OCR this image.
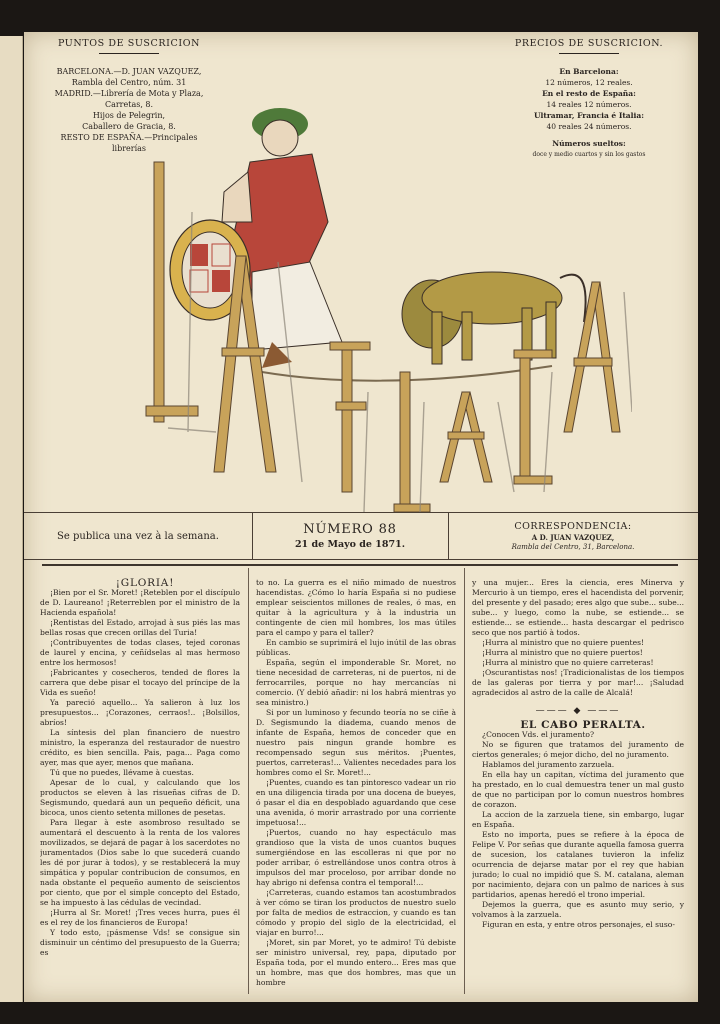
PUNTOS DE SUSCRICION
BARCELONA.—D. JUAN VAZQUEZ,
Rambla del Centro, núm. 31
MADRID.—Librería de Mota y Plaza,
Carretas, 8.
Hijos de Pelegrin,
Caballero de Gracia, 8.
RESTO DE ESPAÑA.—Principales
librerías
PRECIOS DE SUSCRICION.
En Barcelona:
12 números, 12 reales.
En el resto de España:
14 reales 12 números.
Ultramar, Francia é Italia:
40 reales 24 números.
Números sueltos:
doce y medio cuartos y sin los gastos
Se publica una vez à la semana.	NÚMERO 88
21 de Mayo de 1871.
CORRESPONDENCIA:
A D. JUAN VAZQUEZ,
Rambla del Centro, 31, Barcelona.

¡GLORIA!

¡Bien por el Sr. Moret! ¡Reteblen por el discípulo de D. Laureano! ¡Reterreblen por el ministro de la Hacienda española!

¡Rentistas del Estado, arrojad à sus piés las mas bellas rosas que crecen orillas del Turia!

¡Contribuyentes de todas clases, tejed coronas de laurel y encina, y ceñídselas al mas hermoso entre los hermosos!

¡Fabricantes y cosecheros, tended de flores la carrera que debe pisar el tocayo del príncipe de la Vida es sueño!

Ya pareció aquello... Ya salieron à luz los presupuestos... ¡Corazones, cerraos!.. ¡Bolsillos, abríos!

La síntesis del plan financiero de nuestro ministro, la esperanza del restaurador de nuestro crédito, es bien sencilla. Pais, paga... Paga como ayer, mas que ayer, menos que mañana.

Tú que no puedes, llévame à cuestas.

Apesar de lo cual, y calculando que los productos se eleven à las risueñas cifras de D. Segismundo, quedará aun un pequeño déficit, una bicoca, unos ciento setenta millones de pesetas.

Para llegar à este asombroso resultado se aumentará el descuento à la renta de los valores movilizados, se dejará de pagar à los sacerdotes no juramentados (Dios sabe lo que sucederá cuando les dé por jurar à todos), y se restablecerá la muy simpática y popular contribucion de consumos, en nada obstante el pequeño aumento de seiscientos por ciento, que por el simple concepto del Estado, se ha impuesto à las cédulas de vecindad.

¡Hurra al Sr. Moret! ¡Tres veces hurra, pues él es el rey de los financieros de Europa!

Y todo esto, ¡pásmense Vds! se consigue sin disminuir un céntimo del presupuesto de la Guerra; es

to no. La guerra es el niño mimado de nuestros hacendistas. ¿Cómo lo haría España si no pudiese emplear seiscientos millones de reales, ó mas, en quitar à la agricultura y à la industria un contingente de cien mil hombres, los mas útiles para el campo y para el taller?

En cambio se suprimirá el lujo inútil de las obras públicas.

España, según el imponderable Sr. Moret, no tiene necesidad de carreteras, ni de puertos, ni de ferrocarriles, porque no hay mercancías ni comercio. (Y debió añadir: ni los habrá mientras yo sea ministro.)

Si por un luminoso y fecundo teoría no se ciñe à D. Segismundo la diadema, cuando menos de infante de España, hemos de conceder que en nuestro pais ningun grande hombre es recompensado segun sus méritos. ¡Puentes, puertos, carreteras!... Valientes necedades para los hombres como el Sr. Moret!...

¡Puentes, cuando es tan pintoresco vadear un rio en una diligencia tirada por una docena de bueyes, ó pasar el dia en despoblado aguardando que cese una avenida, ó morir arrastrado por una corriente impetuosa!...

¡Puertos, cuando no hay espectáculo mas grandioso que la vista de unos cuantos buques sumergiéndose en las escolleras ni que por no poder arribar, ó estrellándose unos contra otros à impulsos del mar proceloso, por arribar donde no hay abrigo ni defensa contra el temporal!...

¡Carreteras, cuando estamos tan acostumbrados à ver cómo se tiran los productos de nuestro suelo por falta de medios de estraccion, y cuando es tan cómodo y propio del siglo de la electricidad, el viajar en burro!...

¡Moret, sin par Moret, yo te admiro! Tú debiste ser ministro universal, rey, papa, diputado por España toda, por el mundo entero... Eres mas que un hombre, mas que dos hombres, mas que un hombre

y una mujer... Eres la ciencia, eres Minerva y Mercurio à un tiempo, eres el hacendista del porvenir, del presente y del pasado; eres algo que sube... sube... sube... y luego, como la nube, se estiende... se estiende... se estiende... hasta descargar el pedrisco seco que nos partió à todos.

¡Hurra al ministro que no quiere puentes!

¡Hurra al ministro que no quiere puertos!

¡Hurra al ministro que no quiere carreteras!

¡Oscurantistas nos! ¡Tradicionalistas de los tiempos de las galeras por tierra y por mar!... ¡Saludad agradecidos al astro de la calle de Alcalá!

——— ◆ ———

EL CABO PERALTA.

¿Conocen Vds. el juramento?

No se figuren que tratamos del juramento de ciertos generales; ó mejor dicho, del no juramento.

Hablamos del juramento zarzuela.

En ella hay un capitan, víctima del juramento que ha prestado, en lo cual demuestra tener un mal gusto de que no participan por lo comun nuestros hombres de corazon.

La accion de la zarzuela tiene, sin embargo, lugar en España.

Esto no importa, pues se refiere à la época de Felipe V. Por señas que durante aquella famosa guerra de sucesion, los catalanes tuvieron la infeliz ocurrencia de dejarse matar por el rey que habian jurado; lo cual no impidió que S. M. catalana, aleman por nacimiento, dejara con un palmo de narices à sus partidarios, apenas heredó el trono imperial.

Dejemos la guerra, que es asunto muy serio, y volvamos à la zarzuela.

Figuran en esta, y entre otros personajes, el suso-
